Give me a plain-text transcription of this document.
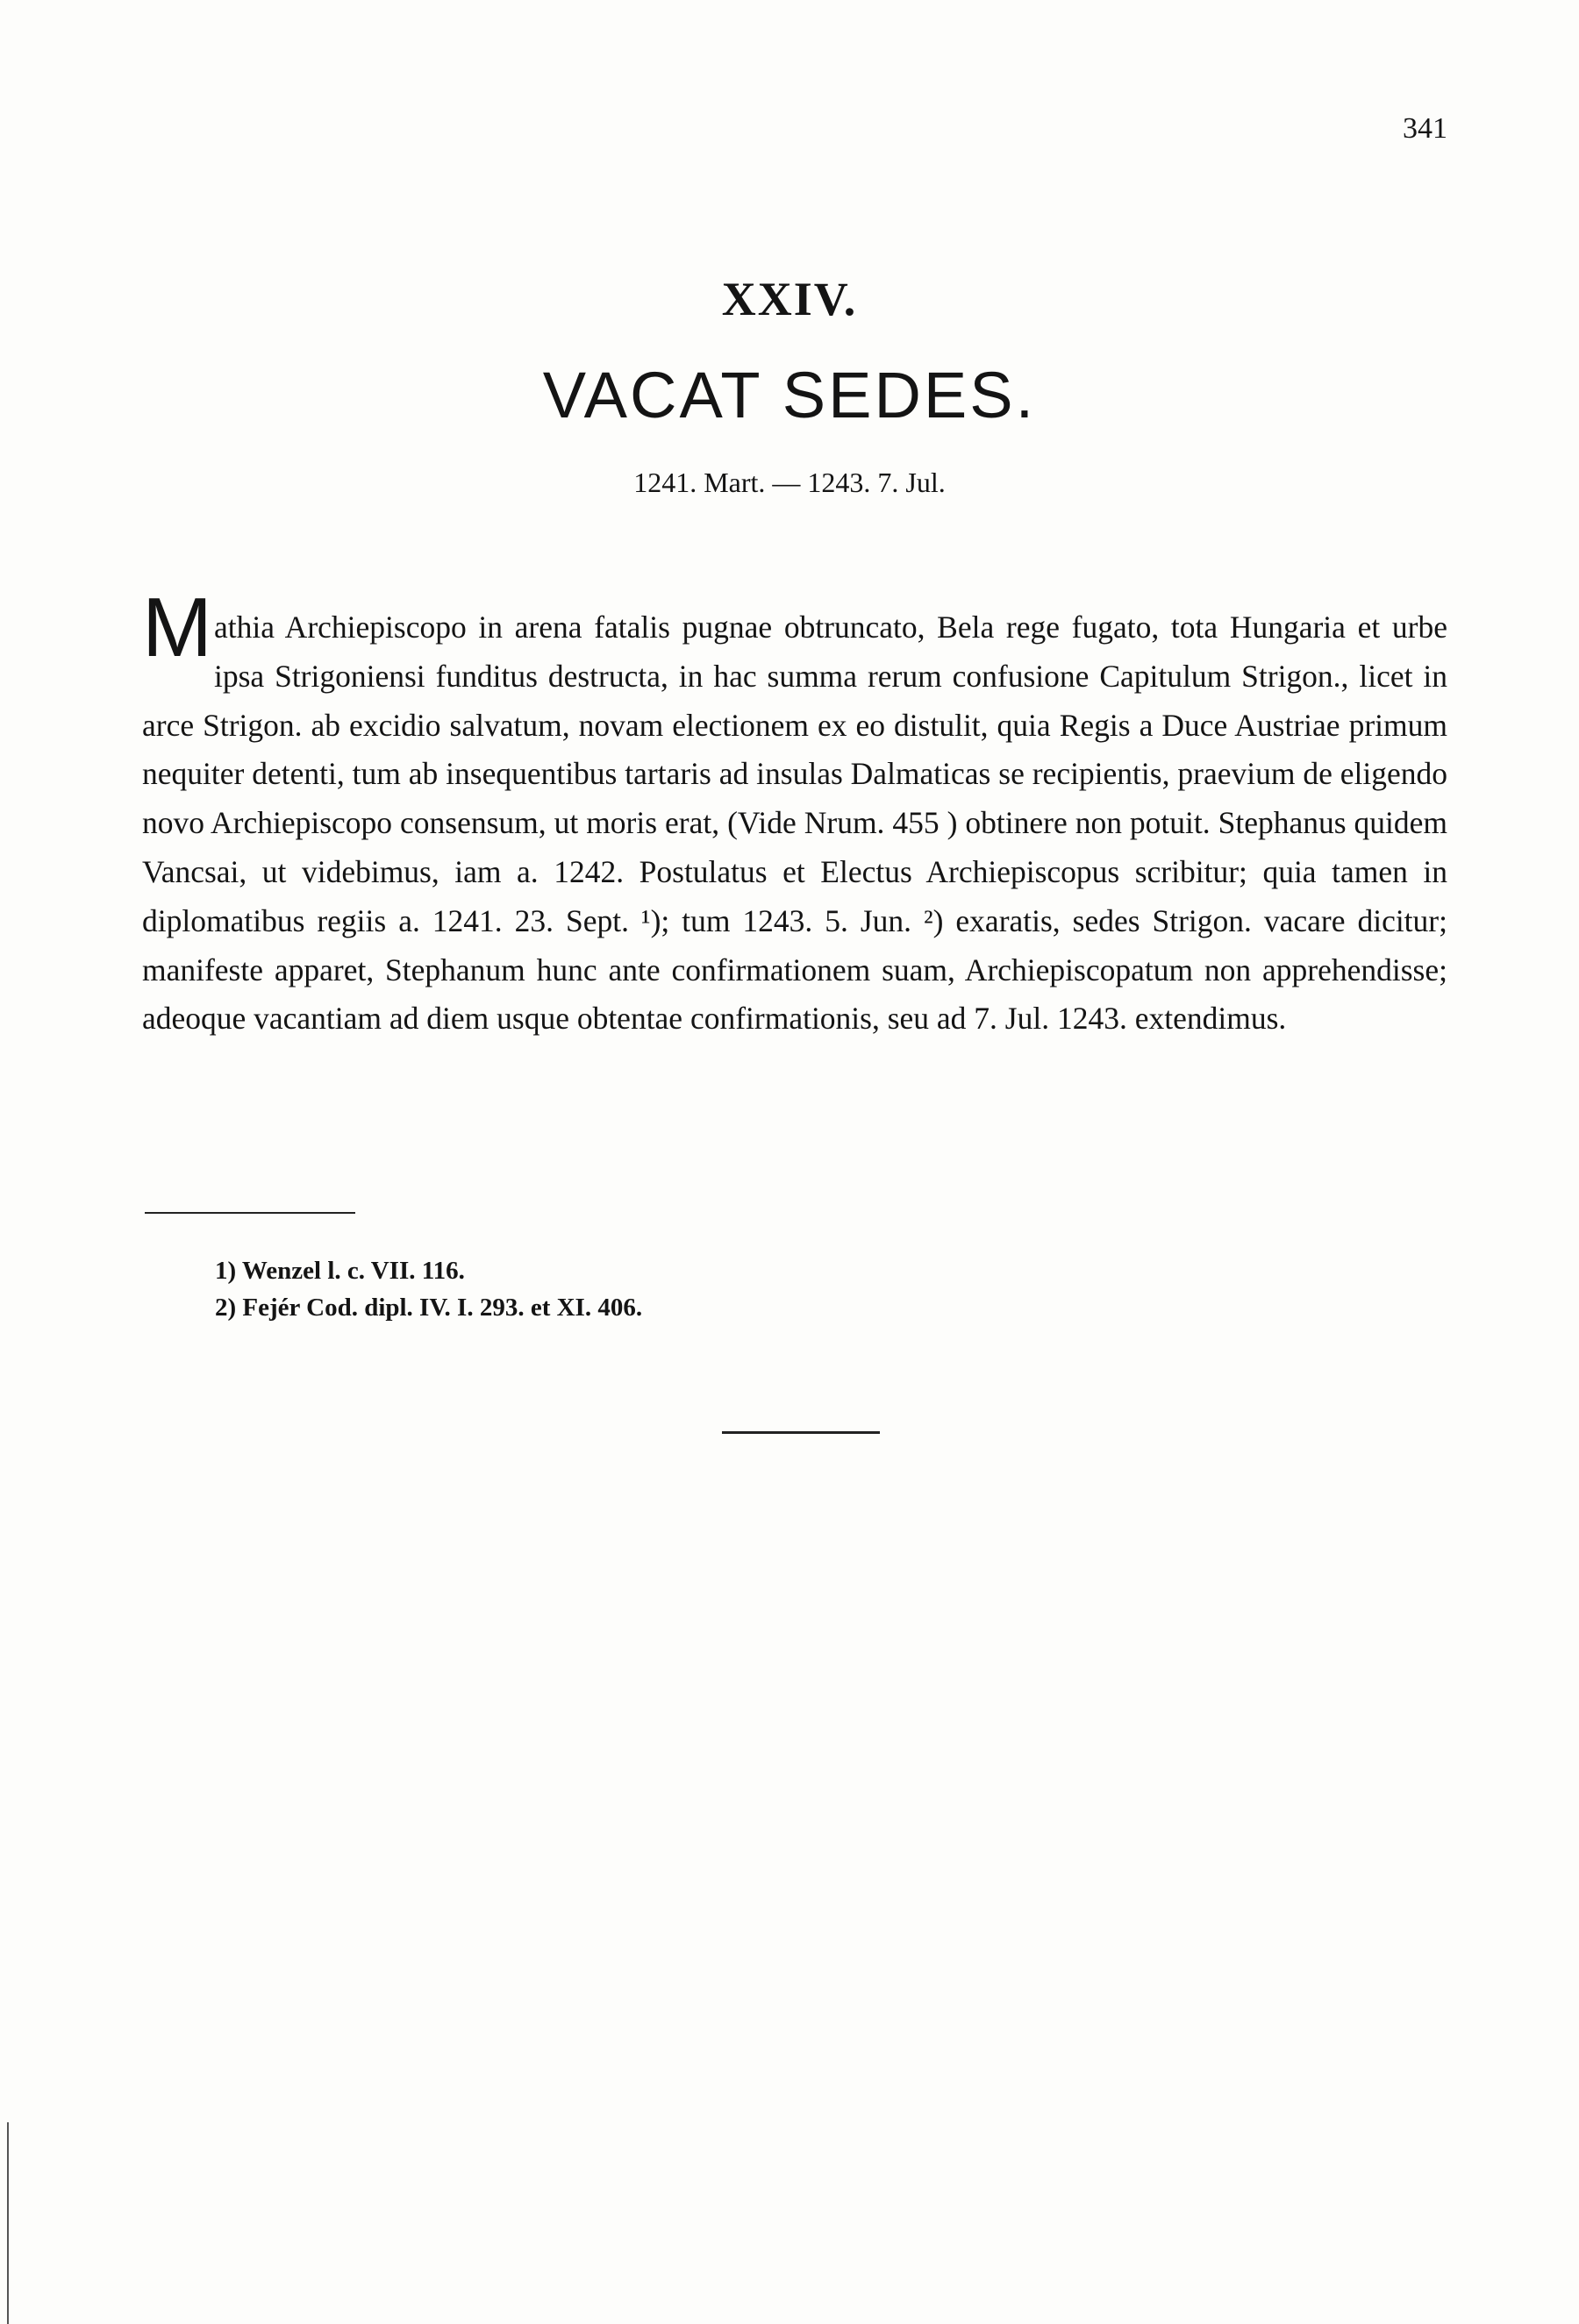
341
XXIV.
VACAT SEDES.
1241. Mart. — 1243. 7. Jul.

Mathia Archiepiscopo in arena fatalis pugnae obtruncato, Bela rege fugato, tota Hungaria et urbe ipsa Strigoniensi funditus destructa, in hac summa rerum confusione Capitulum Strigon., licet in arce Strigon. ab excidio salvatum, novam electionem ex eo distulit, quia Regis a Duce Austriae primum nequiter detenti, tum ab insequentibus tartaris ad insulas Dalmaticas se recipientis, praevium de eligendo novo Archiepiscopo consensum, ut moris erat, (Vide Nrum. 455 ) obtinere non potuit. Stephanus quidem Vancsai, ut videbimus, iam a. 1242. Postulatus et Electus Archiepiscopus scribitur; quia tamen in diplomatibus regiis a. 1241. 23. Sept. ¹); tum 1243. 5. Jun. ²) exaratis, sedes Strigon. vacare dicitur; manifeste apparet, Stephanum hunc ante confirmationem suam, Archiepiscopatum non apprehendisse; adeoque vacantiam ad diem usque obtentae confirmationis, seu ad 7. Jul. 1243. extendimus.

1) Wenzel l. c. VII. 116.
2) Fejér Cod. dipl. IV. I. 293. et XI. 406.
